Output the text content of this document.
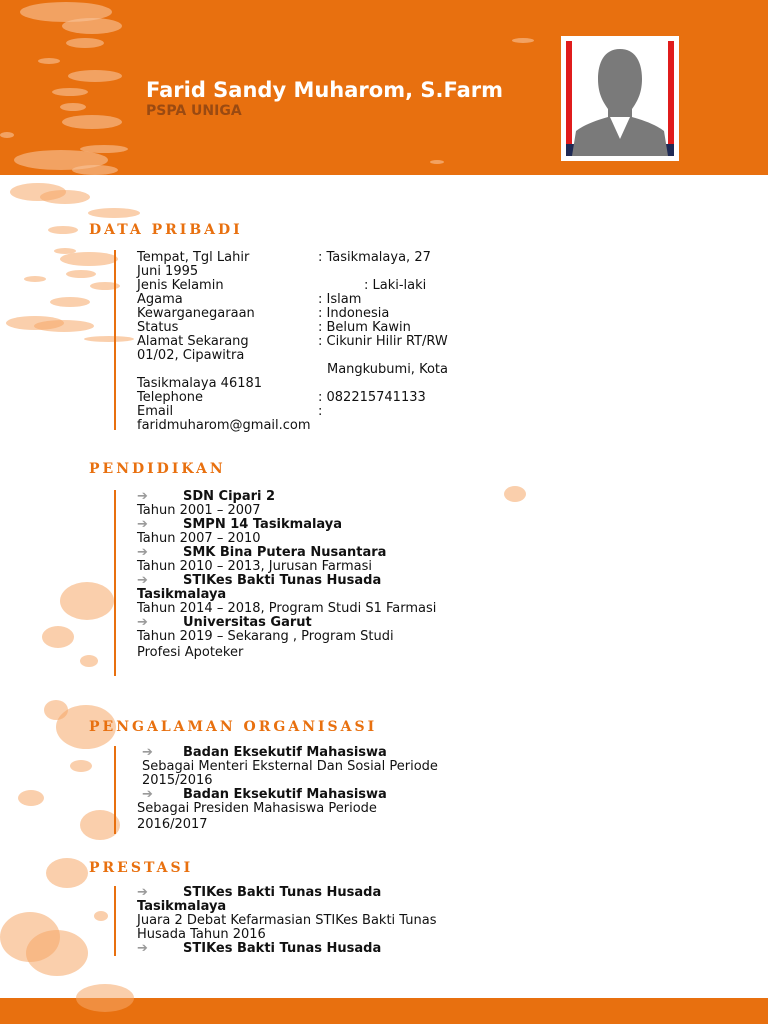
Farid Sandy Muharom, S.Farm
PSPA UNIGA
DATA PRIBADI
Tempat, Tgl Lahir	: Tasikmalaya, 27
Juni 1995
Jenis Kelamin	: Laki-laki
Agama	: Islam
Kewarganegaraan	: Indonesia
Status	: Belum Kawin
Alamat Sekarang	: Cikunir Hilir RT/RW
01/02, Cipawitra
Mangkubumi, Kota
Tasikmalaya 46181
Telephone	: 082215741133
Email	:
faridmuharom@gmail.com
PENDIDIKAN
➔	SDN Cipari 2
Tahun 2001 – 2007
➔	SMPN 14 Tasikmalaya
Tahun 2007 – 2010
➔	SMK Bina Putera Nusantara
Tahun 2010 – 2013, Jurusan Farmasi
➔	STIKes Bakti Tunas Husada
Tasikmalaya
Tahun 2014 – 2018, Program Studi S1 Farmasi
➔	Universitas Garut
Tahun 2019 – Sekarang , Program Studi
Profesi Apoteker
PENGALAMAN ORGANISASI
➔ Badan Eksekutif Mahasiswa
Sebagai Menteri Eksternal Dan Sosial Periode
2015/2016
➔ Badan Eksekutif Mahasiswa
Sebagai Presiden Mahasiswa Periode
2016/2017
PRESTASI
➔	STIKes Bakti Tunas Husada
Tasikmalaya
Juara 2 Debat Kefarmasian STIKes Bakti Tunas
Husada Tahun 2016
➔	STIKes Bakti Tunas Husada
